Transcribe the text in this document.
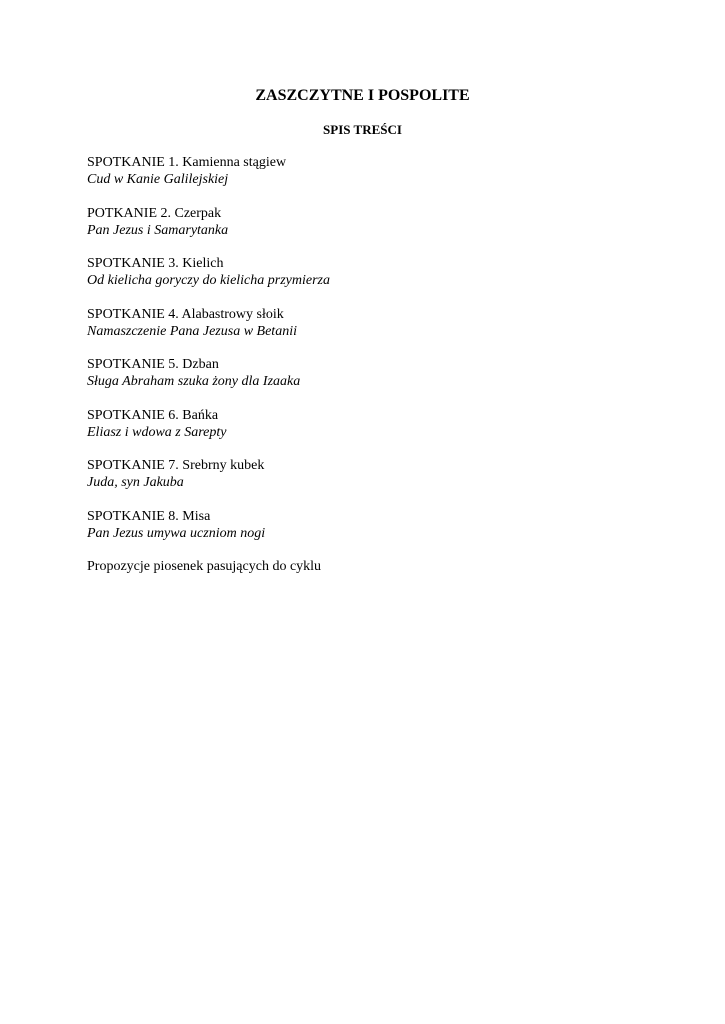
ZASZCZYTNE I POSPOLITE
SPIS TREŚCI
SPOTKANIE 1. Kamienna stągiew
Cud w Kanie Galilejskiej
POTKANIE 2. Czerpak
Pan Jezus i Samarytanka
SPOTKANIE 3. Kielich
Od kielicha goryczy do kielicha przymierza
SPOTKANIE 4. Alabastrowy słoik
Namaszczenie Pana Jezusa w Betanii
SPOTKANIE 5. Dzban
Sługa Abraham szuka żony dla Izaaka
SPOTKANIE 6. Bańka
Eliasz i wdowa z Sarepty
SPOTKANIE 7. Srebrny kubek
Juda, syn Jakuba
SPOTKANIE 8. Misa
Pan Jezus umywa uczniom nogi
Propozycje piosenek pasujących do cyklu
